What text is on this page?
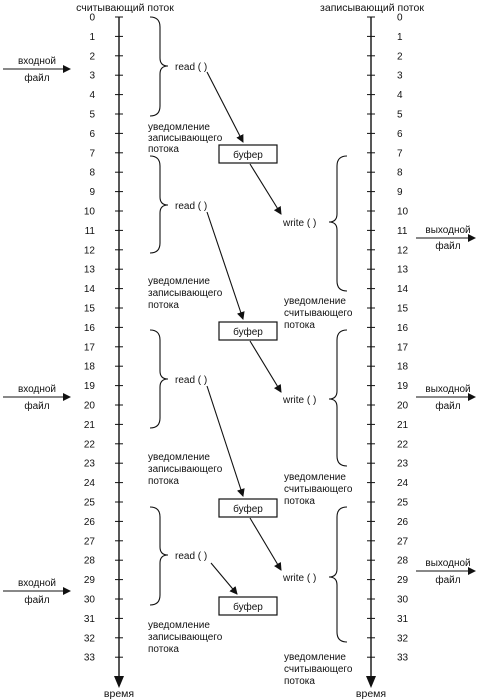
считывающий поток	записывающий поток
0
1
2
3
4
5
6
7
8
9
10
11
12
13
14
15
16
17
18
19
20
21
22
23
24
25
26
27
28
29
30
31
32
33
0
1
2
3
4
5
6
7
8
9
10
11
12
13
14
15
16
17
18
19
20
21
22
23
24
25
26
27
28
29
30
31
32
33
время	время
входной
файл
входной
файл
входной
файл
выходной
файл
выходной
файл
выходной
файл
read ( )
read ( )
read ( )
read ( )
write ( )
write ( )
write ( )
уведомление
записывающего
потока
уведомление
записывающего
потока
уведомление
записывающего
потока
уведомление
записывающего
потока
уведомление
считывающего
потока
уведомление
считывающего
потока
уведомление
считывающего
потока
буфер
буфер
буфер
буфер
